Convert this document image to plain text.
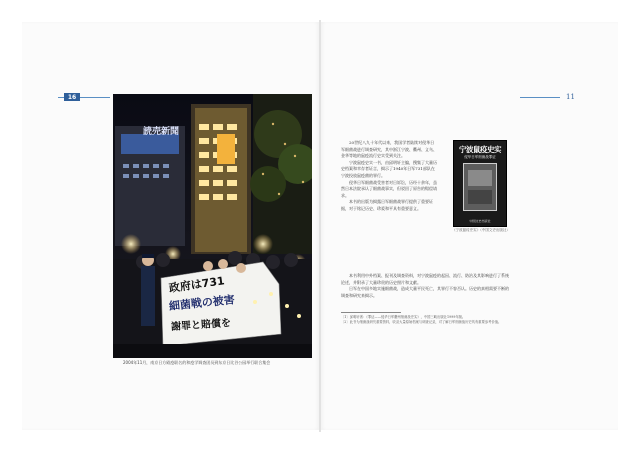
16	11
読売新聞
政府は731
細菌戦の被害
謝罪と賠償を
2004年11月，南京日方殿疫联名的和疫学调查团员到东京日比谷公园举行联合集会

20世纪八九十年代以来，我国学者陆续对侵华日军细菌战进行调查研究，其中浙江宁波、衢州、义乌、金华等地的鼠疫流行史实受到关注。

宁波鼠疫史实一书，由邱明轩主编，搜集了大量历史档案和幸存者证言，揭示了1940年日军731部队在宁波投放鼠疫菌的罪行。

侵华日军细菌战受害者对日诉讼，历经十余年，虽然日本法院承认了细菌战事实，但驳回了原告的赔偿请求。

本书的出版为揭露日军细菌战罪行提供了重要证据，对于铭记历史、珍爱和平具有重要意义。

宁波鼠疫史实
侵华日军细菌战罪证
中国文史出版社
《宁波鼠疫史实》（中国文史出版社）

本书利用中外档案、报刊及调查资料，对宁波鼠疫的起因、流行、防治及其影响进行了系统论述，并附录了大量珍贵的历史照片和文献。

日军在中国多地实施细菌战，造成大量平民死亡，其罪行不容否认。历史的真相需要不断的调查和研究来揭示。

〔1〕邱明轩著：《罪证——侵华日军衢州细菌战史实》，中国三峡出版社1999年版。

〔2〕此书为细菌战研究重要资料，收录大量原始档案与调查记录，对了解日军细菌战历史具有重要参考价值。
